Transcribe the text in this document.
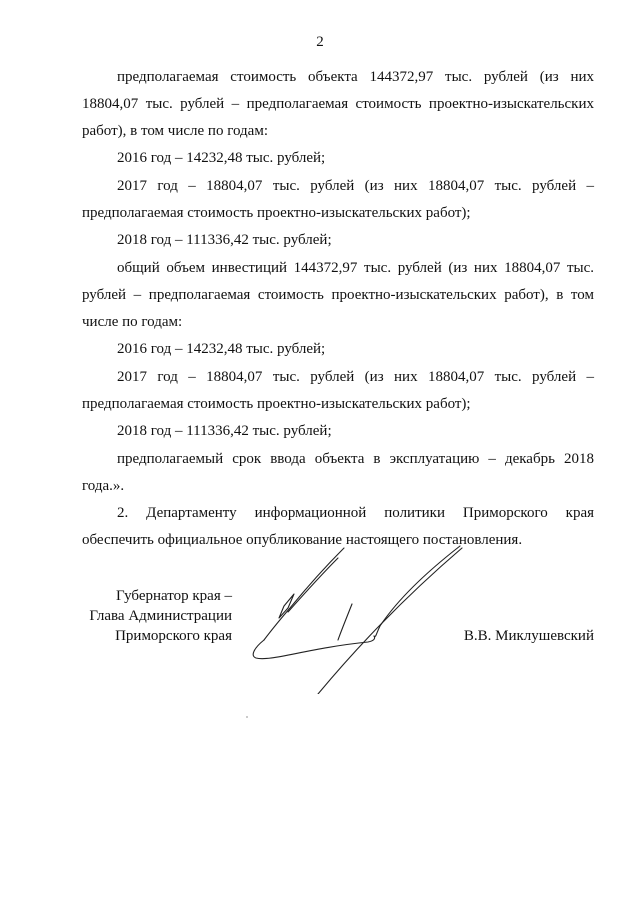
2

предполагаемая стоимость объекта 144372,97 тыс. рублей (из них 18804,07 тыс. рублей – предполагаемая стоимость проектно-изыскательских работ), в том числе по годам:

2016 год – 14232,48 тыс. рублей;

2017 год – 18804,07 тыс. рублей (из них 18804,07 тыс. рублей – предполагаемая стоимость проектно-изыскательских работ);

2018 год – 111336,42 тыс. рублей;

общий объем инвестиций 144372,97 тыс. рублей (из них 18804,07 тыс. рублей – предполагаемая стоимость проектно-изыскательских работ), в том числе по годам:

2016 год – 14232,48 тыс. рублей;

2017 год – 18804,07 тыс. рублей (из них 18804,07 тыс. рублей – предполагаемая стоимость проектно-изыскательских работ);

2018 год – 111336,42 тыс. рублей;

предполагаемый срок ввода объекта в эксплуатацию – декабрь 2018 года.».

2. Департаменту информационной политики Приморского края обеспечить официальное опубликование настоящего постановления.

Губернатор края –
Глава Администрации
Приморского края	В.В. Миклушевский
